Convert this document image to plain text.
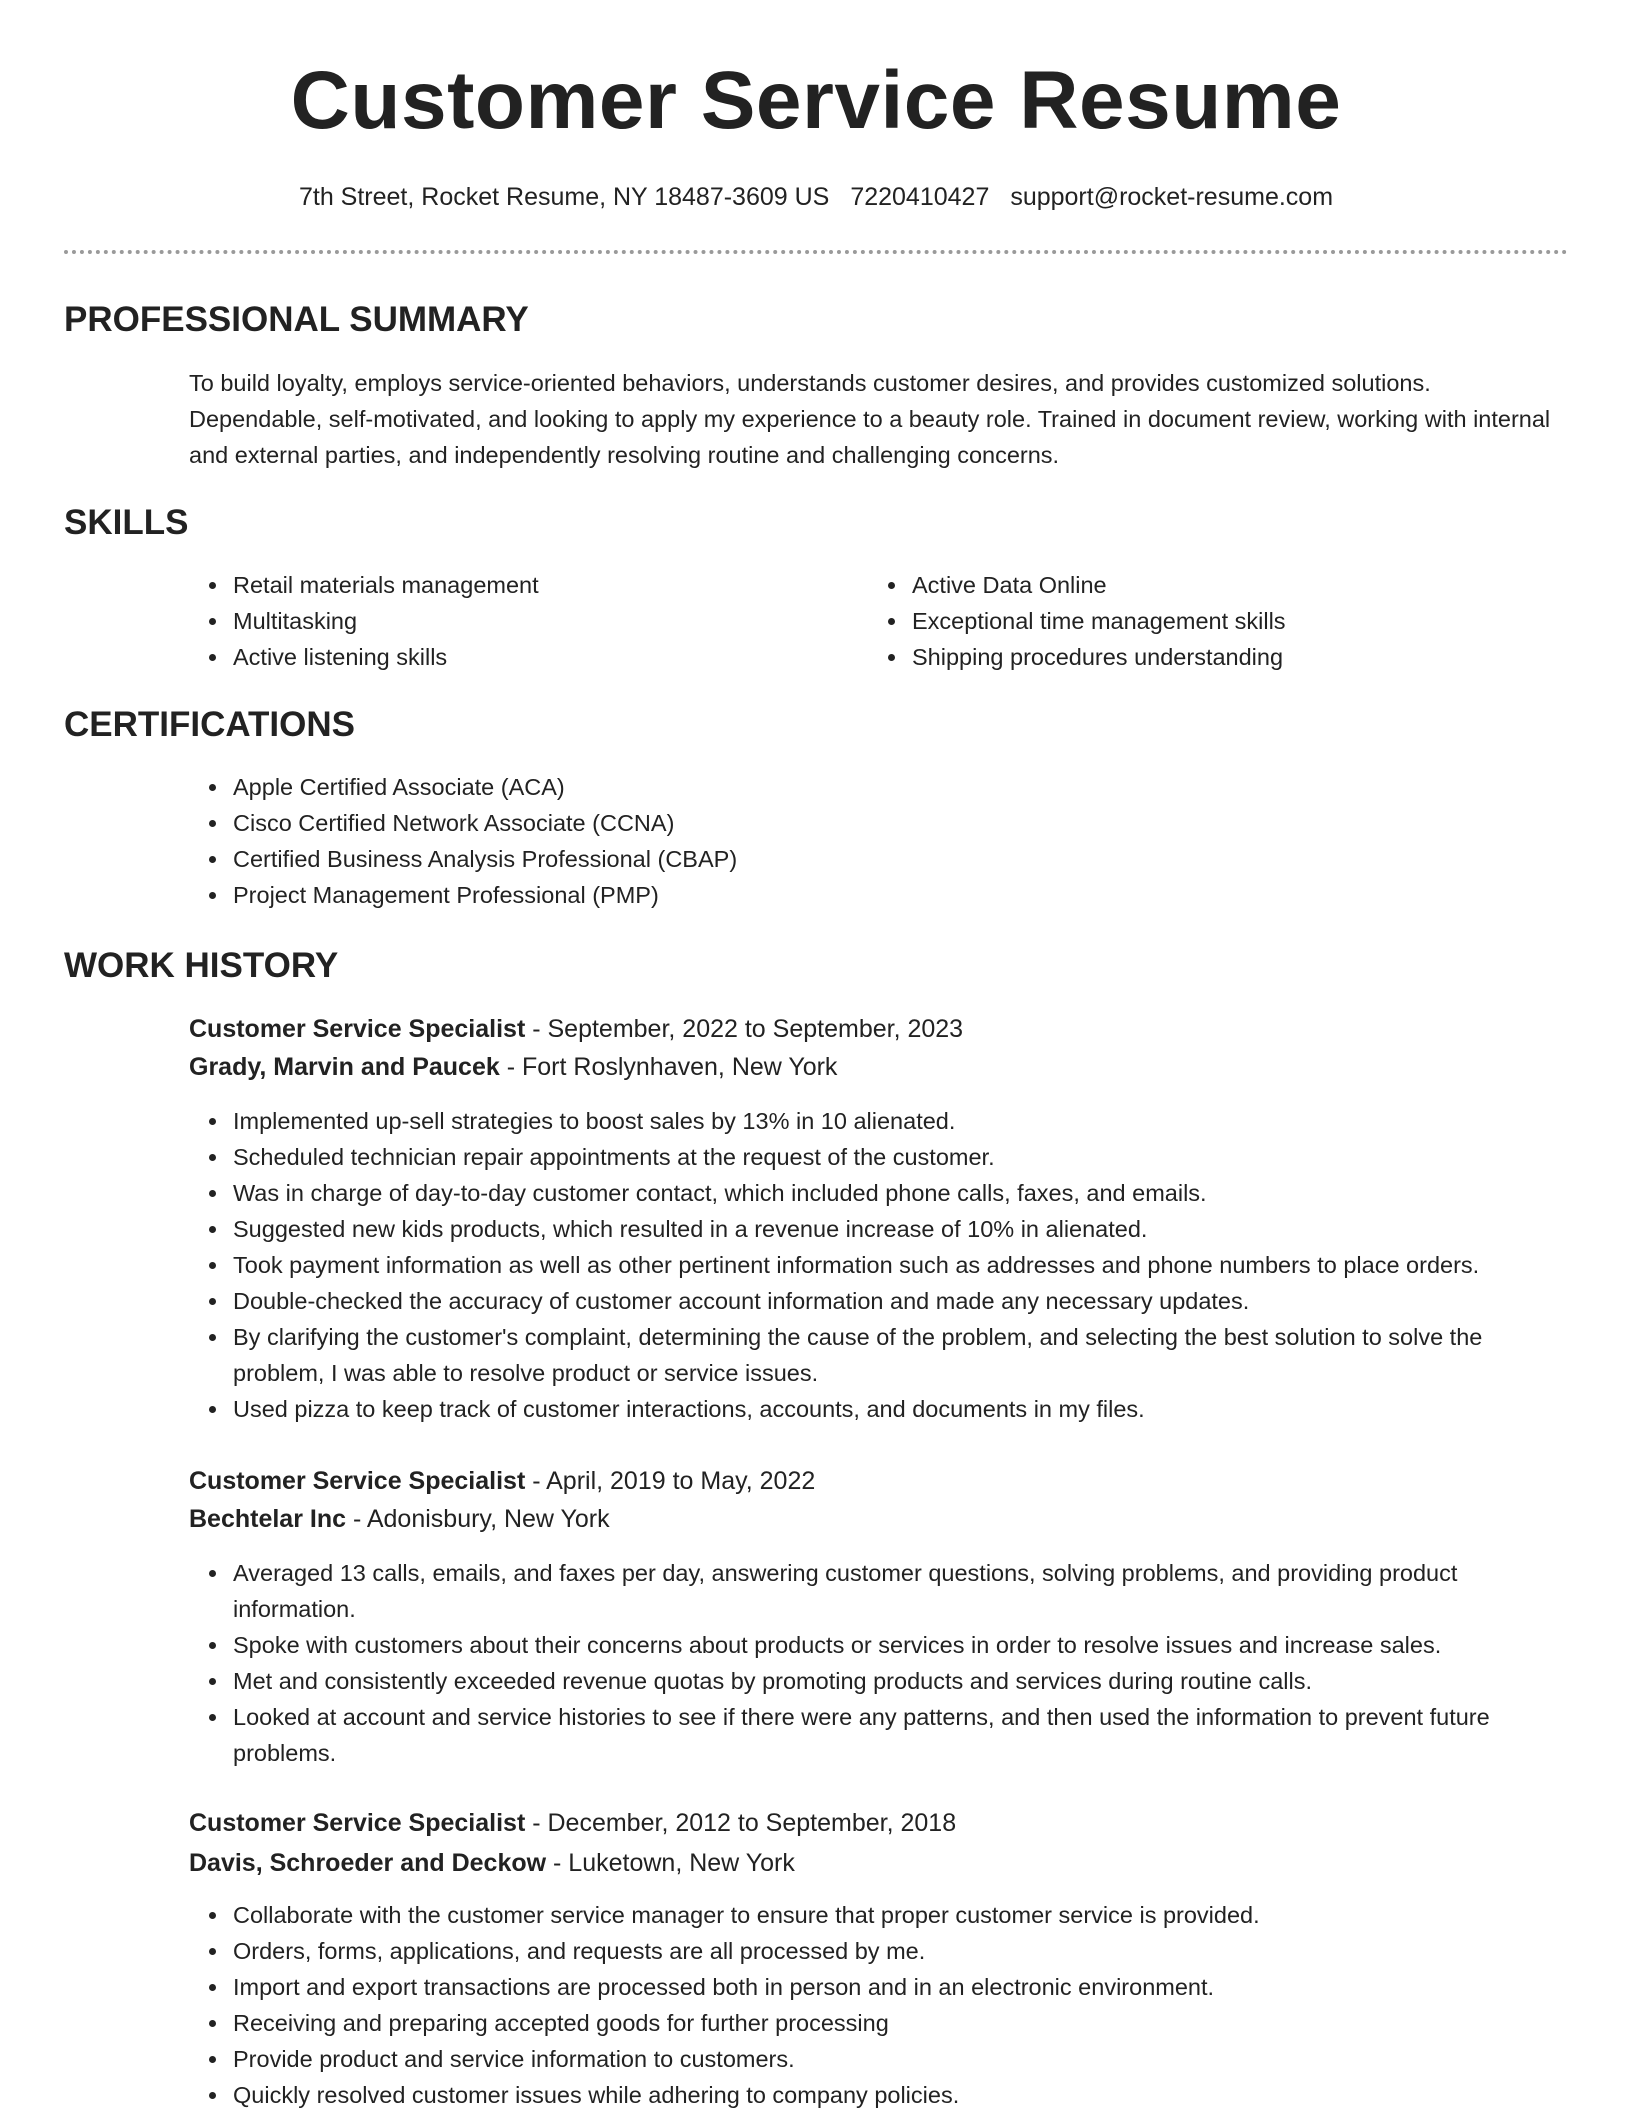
Customer Service Resume
7th Street, Rocket Resume, NY 18487-3609 US 7220410427 support@rocket-resume.com
PROFESSIONAL SUMMARY

To build loyalty, employs service-oriented behaviors, understands customer desires, and provides customized solutions. Dependable, self-motivated, and looking to apply my experience to a beauty role. Trained in document review, working with internal and external parties, and independently resolving routine and challenging concerns.

SKILLS
Retail materials management
Multitasking
Active listening skills
Active Data Online
Exceptional time management skills
Shipping procedures understanding
CERTIFICATIONS
Apple Certified Associate (ACA)
Cisco Certified Network Associate (CCNA)
Certified Business Analysis Professional (CBAP)
Project Management Professional (PMP)
WORK HISTORY
Customer Service Specialist - September, 2022 to September, 2023
Grady, Marvin and Paucek - Fort Roslynhaven, New York
Implemented up-sell strategies to boost sales by 13% in 10 alienated.
Scheduled technician repair appointments at the request of the customer.
Was in charge of day-to-day customer contact, which included phone calls, faxes, and emails.
Suggested new kids products, which resulted in a revenue increase of 10% in alienated.
Took payment information as well as other pertinent information such as addresses and phone numbers to place orders.
Double-checked the accuracy of customer account information and made any necessary updates.
By clarifying the customer's complaint, determining the cause of the problem, and selecting the best solution to solve the problem, I was able to resolve product or service issues.
Used pizza to keep track of customer interactions, accounts, and documents in my files.
Customer Service Specialist - April, 2019 to May, 2022
Bechtelar Inc - Adonisbury, New York
Averaged 13 calls, emails, and faxes per day, answering customer questions, solving problems, and providing product information.
Spoke with customers about their concerns about products or services in order to resolve issues and increase sales.
Met and consistently exceeded revenue quotas by promoting products and services during routine calls.
Looked at account and service histories to see if there were any patterns, and then used the information to prevent future problems.
Customer Service Specialist - December, 2012 to September, 2018
Davis, Schroeder and Deckow - Luketown, New York
Collaborate with the customer service manager to ensure that proper customer service is provided.
Orders, forms, applications, and requests are all processed by me.
Import and export transactions are processed both in person and in an electronic environment.
Receiving and preparing accepted goods for further processing
Provide product and service information to customers.
Quickly resolved customer issues while adhering to company policies.
